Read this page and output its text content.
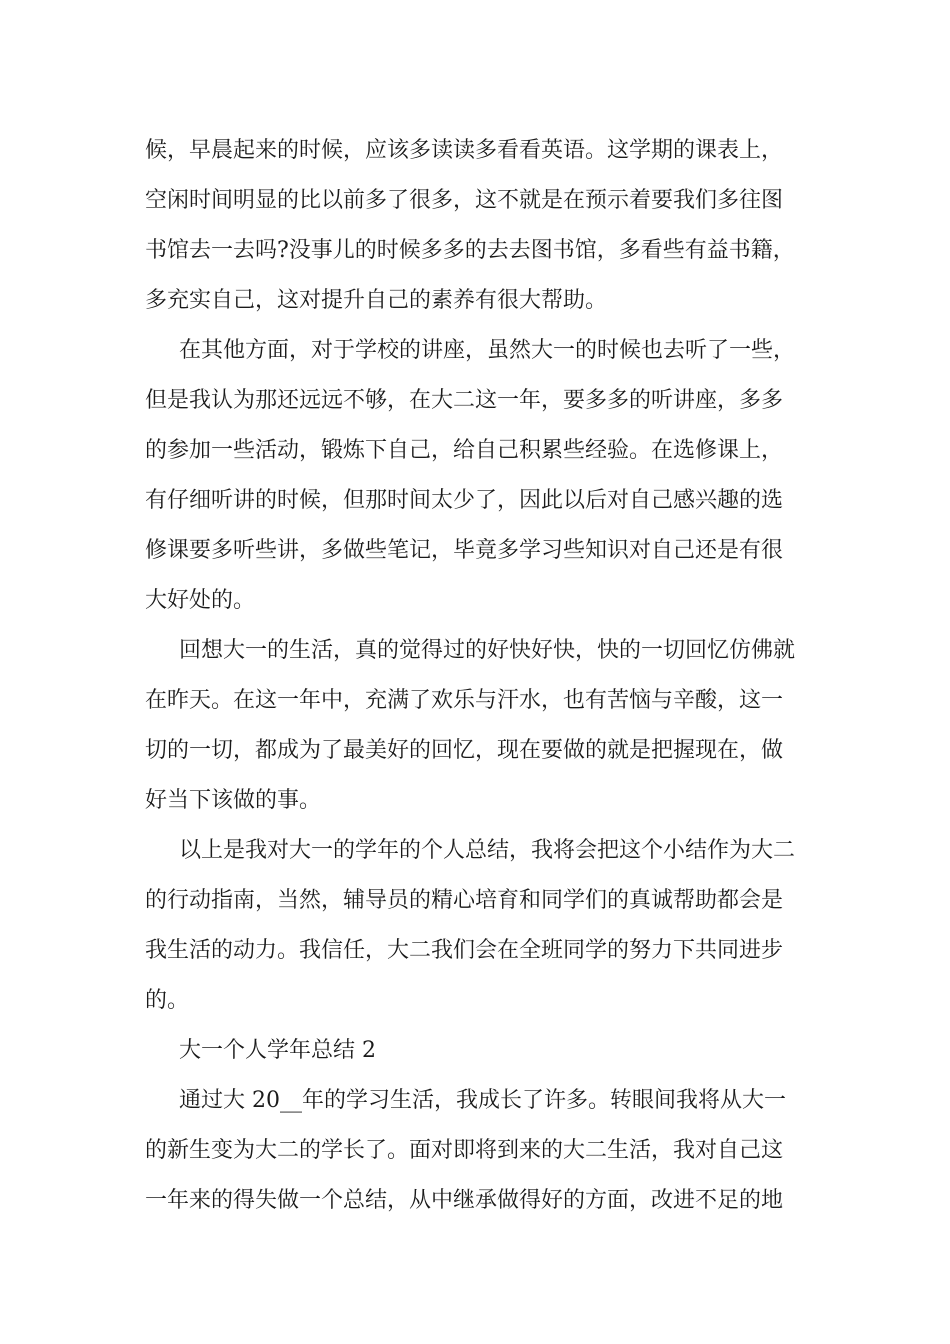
候，早晨起来的时候，应该多读读多看看英语。这学期的课表上，
空闲时间明显的比以前多了很多，这不就是在预示着要我们多往图
书馆去一去吗?没事儿的时候多多的去去图书馆，多看些有益书籍，
多充实自己，这对提升自己的素养有很大帮助。
在其他方面，对于学校的讲座，虽然大一的时候也去听了一些，
但是我认为那还远远不够，在大二这一年，要多多的听讲座，多多
的参加一些活动，锻炼下自己，给自己积累些经验。在选修课上，
有仔细听讲的时候，但那时间太少了，因此以后对自己感兴趣的选
修课要多听些讲，多做些笔记，毕竟多学习些知识对自己还是有很
大好处的。
回想大一的生活，真的觉得过的好快好快，快的一切回忆仿佛就
在昨天。在这一年中，充满了欢乐与汗水，也有苦恼与辛酸，这一
切的一切，都成为了最美好的回忆，现在要做的就是把握现在，做
好当下该做的事。
以上是我对大一的学年的个人总结，我将会把这个小结作为大二
的行动指南，当然，辅导员的精心培育和同学们的真诚帮助都会是
我生活的动力。我信任，大二我们会在全班同学的努力下共同进步
的。
大一个人学年总结 2
通过大 20__年的学习生活，我成长了许多。转眼间我将从大一
的新生变为大二的学长了。面对即将到来的大二生活，我对自己这
一年来的得失做一个总结，从中继承做得好的方面，改进不足的地
